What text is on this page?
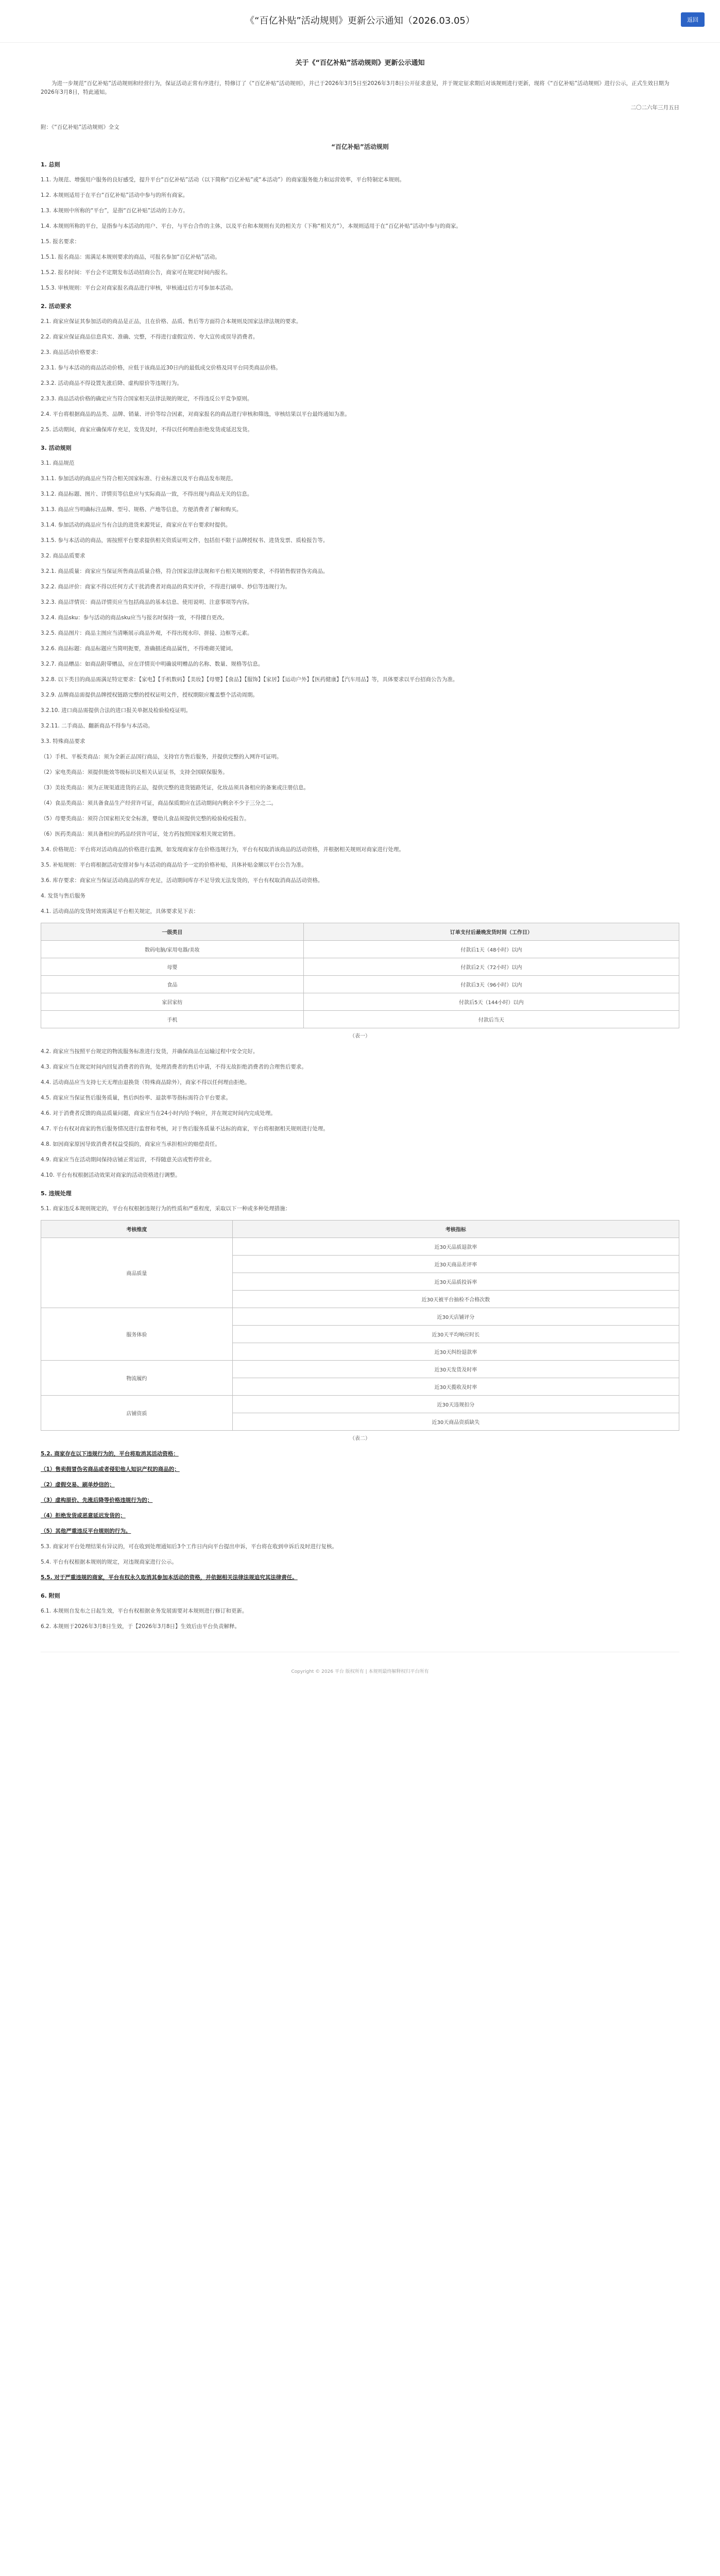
《“百亿补贴”活动规则》更新公示通知（2026.03.05）	返回
关于《“百亿补贴”活动规则》更新公示通知

为进一步规范“百亿补贴”活动规则和经营行为，保证活动正常有序进行，特修订了《“百亿补贴”活动规则》，并已于2026年3月5日至2026年3月8日公开征求意见，并于规定征求期后对该规则进行更新，现将《“百亿补贴”活动规则》进行公示，正式生效日期为2026年3月8日，特此通知。

二〇二六年三月五日

附：《“百亿补贴”活动规则》全文

“百亿补贴”活动规则

1. 总则

1.1. 为规范、增强用户服务的良好感受，提升平台“百亿补贴”活动（以下简称“百亿补贴”或“本活动”）的商家服务能力和运营效率，平台特制定本规则。

1.2. 本规则适用于在平台“百亿补贴”活动中参与的所有商家。

1.3. 本规则中所称的“平台”，是指“百亿补贴”活动的主办方。

1.4. 本规则所称的平台，是指参与本活动的用户、平台，与平台合作的主体，以及平台和本规则有关的相关方（下称“相关方”），本规则适用于在“百亿补贴”活动中参与的商家。

1.5. 报名要求：

1.5.1. 报名商品：需满足本规则要求的商品，可报名参加“百亿补贴”活动。

1.5.2. 报名时间：平台会不定期发布活动招商公告，商家可在规定时间内报名。

1.5.3. 审核规则：平台会对商家报名商品进行审核，审核通过后方可参加本活动。

2. 活动要求

2.1. 商家应保证其参加活动的商品是正品，且在价格、品质、售后等方面符合本规则及国家法律法规的要求。

2.2. 商家应保证商品信息真实、准确、完整，不得进行虚假宣传、夸大宣传或误导消费者。

2.3. 商品活动价格要求：

2.3.1. 参与本活动的商品活动价格，应低于该商品近30日内的最低成交价格及同平台同类商品价格。

2.3.2. 活动商品不得设置先涨后降、虚构原价等违规行为。

2.3.3. 商品活动价格的确定应当符合国家相关法律法规的规定，不得违反公平竞争原则。

2.4. 平台将根据商品的品类、品牌、销量、评价等综合因素，对商家报名的商品进行审核和筛选，审核结果以平台最终通知为准。

2.5. 活动期间，商家应确保库存充足，发货及时，不得以任何理由拒绝发货或延迟发货。

3. 活动规则

3.1. 商品规范

3.1.1. 参加活动的商品应当符合相关国家标准、行业标准以及平台商品发布规范。

3.1.2. 商品标题、图片、详情页等信息应与实际商品一致，不得出现与商品无关的信息。

3.1.3. 商品应当明确标注品牌、型号、规格、产地等信息，方便消费者了解和购买。

3.1.4. 参加活动的商品应当有合法的进货来源凭证，商家应在平台要求时提供。

3.1.5. 参与本活动的商品，需按照平台要求提供相关资质证明文件，包括但不限于品牌授权书、进货发票、质检报告等。

3.2. 商品品质要求

3.2.1. 商品质量：商家应当保证所售商品质量合格，符合国家法律法规和平台相关规则的要求，不得销售假冒伪劣商品。

3.2.2. 商品评价：商家不得以任何方式干扰消费者对商品的真实评价，不得进行刷单、炒信等违规行为。

3.2.3. 商品详情页：商品详情页应当包括商品的基本信息、使用说明、注意事项等内容。

3.2.4. 商品sku：参与活动的商品sku应当与报名时保持一致，不得擅自更改。

3.2.5. 商品图片：商品主图应当清晰展示商品外观，不得出现水印、拼接、边框等元素。

3.2.6. 商品标题：商品标题应当简明扼要，准确描述商品属性，不得堆砌关键词。

3.2.7. 商品赠品：如商品附带赠品，应在详情页中明确说明赠品的名称、数量、规格等信息。

3.2.8. 以下类目的商品需满足特定要求：【家电】【手机数码】【美妆】【母婴】【食品】【服饰】【家居】【运动户外】【医药健康】【汽车用品】等，具体要求以平台招商公告为准。

3.2.9. 品牌商品需提供品牌授权链路完整的授权证明文件，授权期限应覆盖整个活动周期。

3.2.10. 进口商品需提供合法的进口报关单据及检验检疫证明。

3.2.11. 二手商品、翻新商品不得参与本活动。

3.3. 特殊商品要求

（1）手机、平板类商品：须为全新正品国行商品，支持官方售后服务，并提供完整的入网许可证明。

（2）家电类商品：须提供能效等级标识及相关认证证书，支持全国联保服务。

（3）美妆类商品：须为正规渠道进货的正品，提供完整的进货链路凭证，化妆品须具备相应的备案或注册信息。

（4）食品类商品：须具备食品生产经营许可证，商品保质期应在活动期间内剩余不少于三分之二。

（5）母婴类商品：须符合国家相关安全标准，婴幼儿食品须提供完整的检验检疫报告。

（6）医药类商品：须具备相应的药品经营许可证，处方药按照国家相关规定销售。

3.4. 价格规范：平台将对活动商品的价格进行监测，如发现商家存在价格违规行为，平台有权取消该商品的活动资格，并根据相关规则对商家进行处理。

3.5. 补贴规则：平台将根据活动安排对参与本活动的商品给予一定的价格补贴，具体补贴金额以平台公告为准。

3.6. 库存要求：商家应当保证活动商品的库存充足，活动期间库存不足导致无法发货的，平台有权取消商品活动资格。

4. 发货与售后服务

4.1. 活动商品的发货时效需满足平台相关规定，具体要求见下表：

一级类目	订单支付后最晚发货时间（工作日）
数码电脑/家用电器/美妆	付款后1天（48小时）以内
母婴	付款后2天（72小时）以内
食品	付款后3天（96小时）以内
家居家纺	付款后5天（144小时）以内
手机	付款后当天
（表一）

4.2. 商家应当按照平台规定的物流服务标准进行发货，并确保商品在运输过程中安全完好。

4.3. 商家应当在规定时间内回复消费者的咨询，处理消费者的售后申请，不得无故拒绝消费者的合理售后要求。

4.4. 活动商品应当支持七天无理由退换货（特殊商品除外），商家不得以任何理由拒绝。

4.5. 商家应当保证售后服务质量，售后纠纷率、退款率等指标需符合平台要求。

4.6. 对于消费者反馈的商品质量问题，商家应当在24小时内给予响应，并在规定时间内完成处理。

4.7. 平台有权对商家的售后服务情况进行监督和考核，对于售后服务质量不达标的商家，平台将根据相关规则进行处理。

4.8. 如因商家原因导致消费者权益受损的，商家应当承担相应的赔偿责任。

4.9. 商家应当在活动期间保持店铺正常运营，不得随意关店或暂停营业。

4.10. 平台有权根据活动效果对商家的活动资格进行调整。

5. 违规处理

5.1. 商家违反本规则规定的，平台有权根据违规行为的性质和严重程度，采取以下一种或多种处理措施：

考核维度	考核指标
商品质量	近30天品质退款率
	近30天商品差评率
	近30天品质投诉率
	近30天被平台抽检不合格次数
服务体验	近30天店铺评分
	近30天平均响应时长
	近30天纠纷退款率
物流履约	近30天发货及时率
	近30天揽收及时率
店铺资质	近30天违规扣分
	近30天商品资质缺失
（表二）

5.2. 商家存在以下违规行为的，平台将取消其活动资格：

（1）售卖假冒伪劣商品或者侵犯他人知识产权的商品的；

（2）虚假交易、刷单炒信的；

（3）虚构原价、先涨后降等价格违规行为的；

（4）拒绝发货或恶意延迟发货的；

（5）其他严重违反平台规则的行为。

5.3. 商家对平台处理结果有异议的，可在收到处理通知后3个工作日内向平台提出申诉，平台将在收到申诉后及时进行复核。

5.4. 平台有权根据本规则的规定，对违规商家进行公示。

5.5. 对于严重违规的商家，平台有权永久取消其参加本活动的资格，并依据相关法律法规追究其法律责任。

6. 附则

6.1. 本规则自发布之日起生效，平台有权根据业务发展需要对本规则进行修订和更新。

6.2. 本规则于2026年3月8日生效，于【2026年3月8日】生效后由平台负责解释。

Copyright © 2026 平台 版权所有 | 本规则最终解释权归平台所有
